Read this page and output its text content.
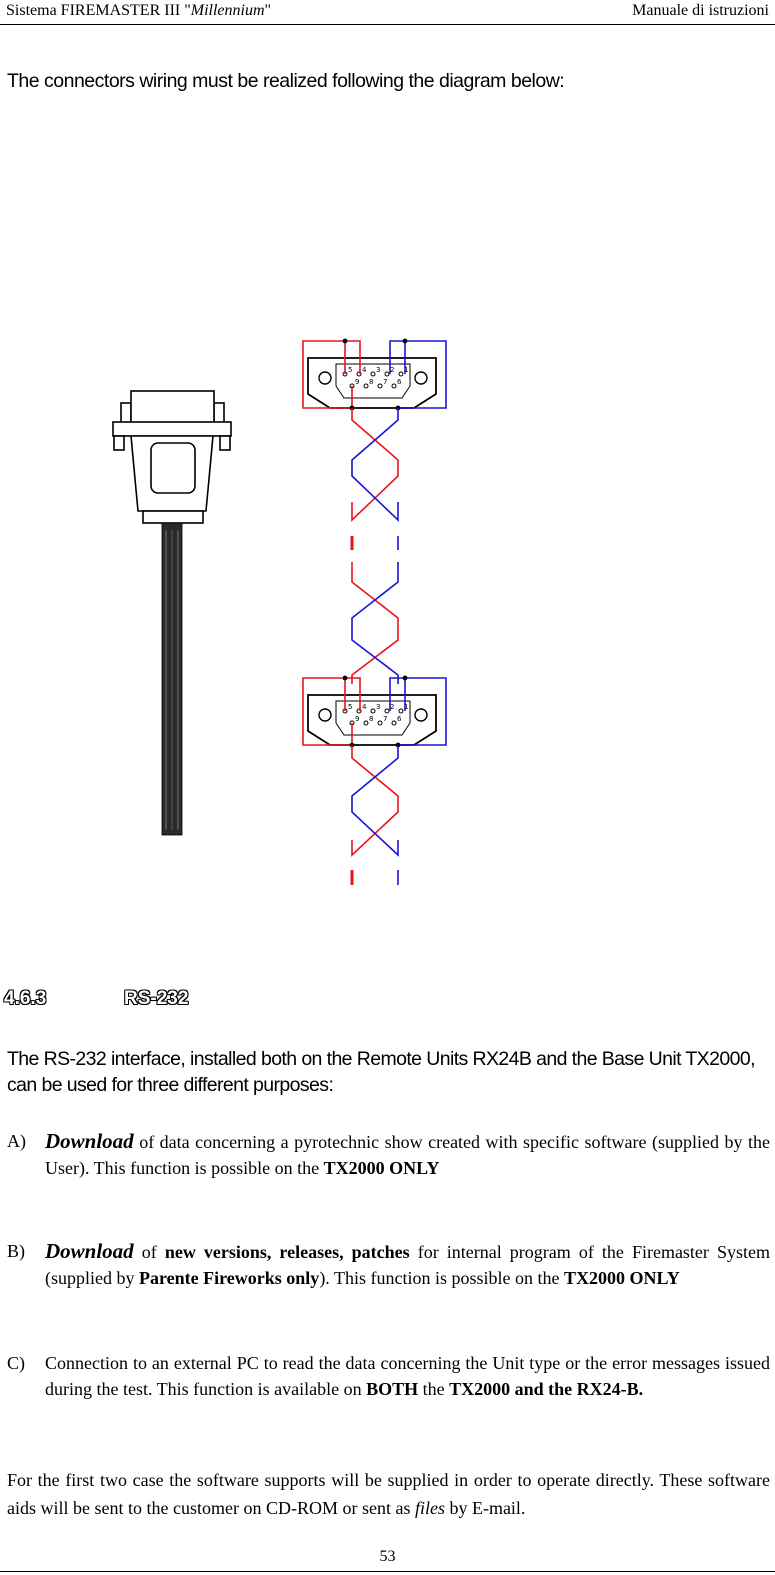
Sistema FIREMASTER III "Millennium"	Manuale di istruzioni
The connectors wiring must be realized following the diagram below:
5 4 3 2 1
5 4 3 2 1
9 8 7 6
9 8 7 6
4.6.3	RS-232
The RS-232 interface, installed both on the Remote Units RX24B and the Base Unit TX2000, can be used for three different purposes:
A) Download of data concerning a pyrotechnic show created with specific software (supplied by the User). This function is possible on the TX2000 ONLY
B) Download of new versions, releases, patches for internal program of the Firemaster System (supplied by Parente Fireworks only). This function is possible on the TX2000 ONLY
C) Connection to an external PC to read the data concerning the Unit type or the error messages issued during the test. This function is available on BOTH the TX2000 and the RX24-B.
For the first two case the software supports will be supplied in order to operate directly. These software aids will be sent to the customer on CD-ROM or sent as files by E-mail.
53
